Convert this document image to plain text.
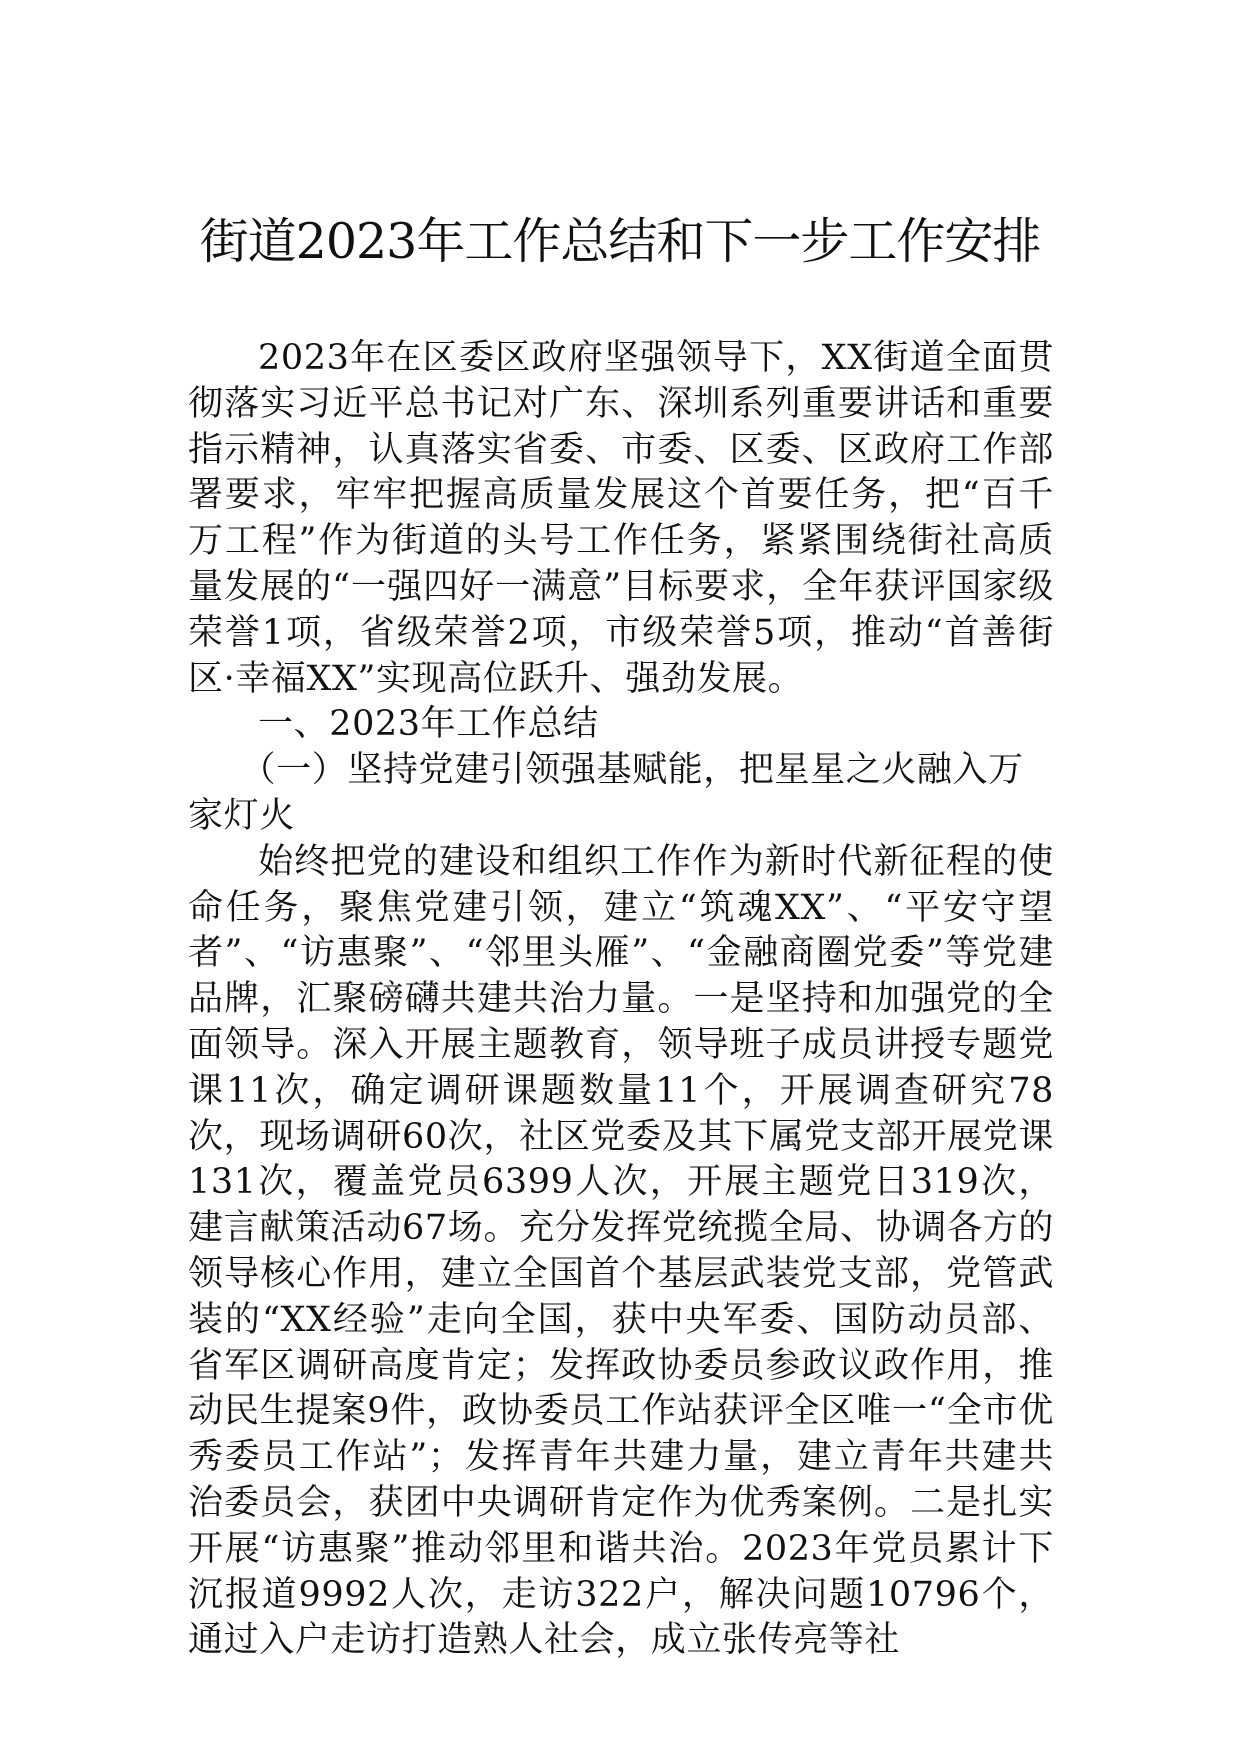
街道2023年工作总结和下一步工作安排

2023年在区委区政府坚强领导下，XX街道全面贯彻落实习近平总书记对广东、深圳系列重要讲话和重要指示精神，认真落实省委、市委、区委、区政府工作部署要求，牢牢把握高质量发展这个首要任务，把“百千万工程”作为街道的头号工作任务，紧紧围绕街社高质量发展的“一强四好一满意”目标要求，全年获评国家级荣誉1项，省级荣誉2项，市级荣誉5项，推动“首善街区·幸福XX”实现高位跃升、强劲发展。

一、2023年工作总结

（一）坚持党建引领强基赋能，把星星之火融入万家灯火

始终把党的建设和组织工作作为新时代新征程的使命任务，聚焦党建引领，建立“筑魂XX”、“平安守望者”、“访惠聚”、“邻里头雁”、“金融商圈党委”等党建品牌，汇聚磅礴共建共治力量。一是坚持和加强党的全面领导。深入开展主题教育，领导班子成员讲授专题党课11次，确定调研课题数量11个，开展调查研究78次，现场调研60次，社区党委及其下属党支部开展党课131次，覆盖党员6399人次，开展主题党日319次，建言献策活动67场。充分发挥党统揽全局、协调各方的领导核心作用，建立全国首个基层武装党支部，党管武装的“XX经验”走向全国，获中央军委、国防动员部、省军区调研高度肯定；发挥政协委员参政议政作用，推动民生提案9件，政协委员工作站获评全区唯一“全市优秀委员工作站”；发挥青年共建力量，建立青年共建共治委员会，获团中央调研肯定作为优秀案例。二是扎实开展“访惠聚”推动邻里和谐共治。2023年党员累计下沉报道9992人次，走访322户，解决问题10796个，通过入户走访打造熟人社会，成立张传亮等社
